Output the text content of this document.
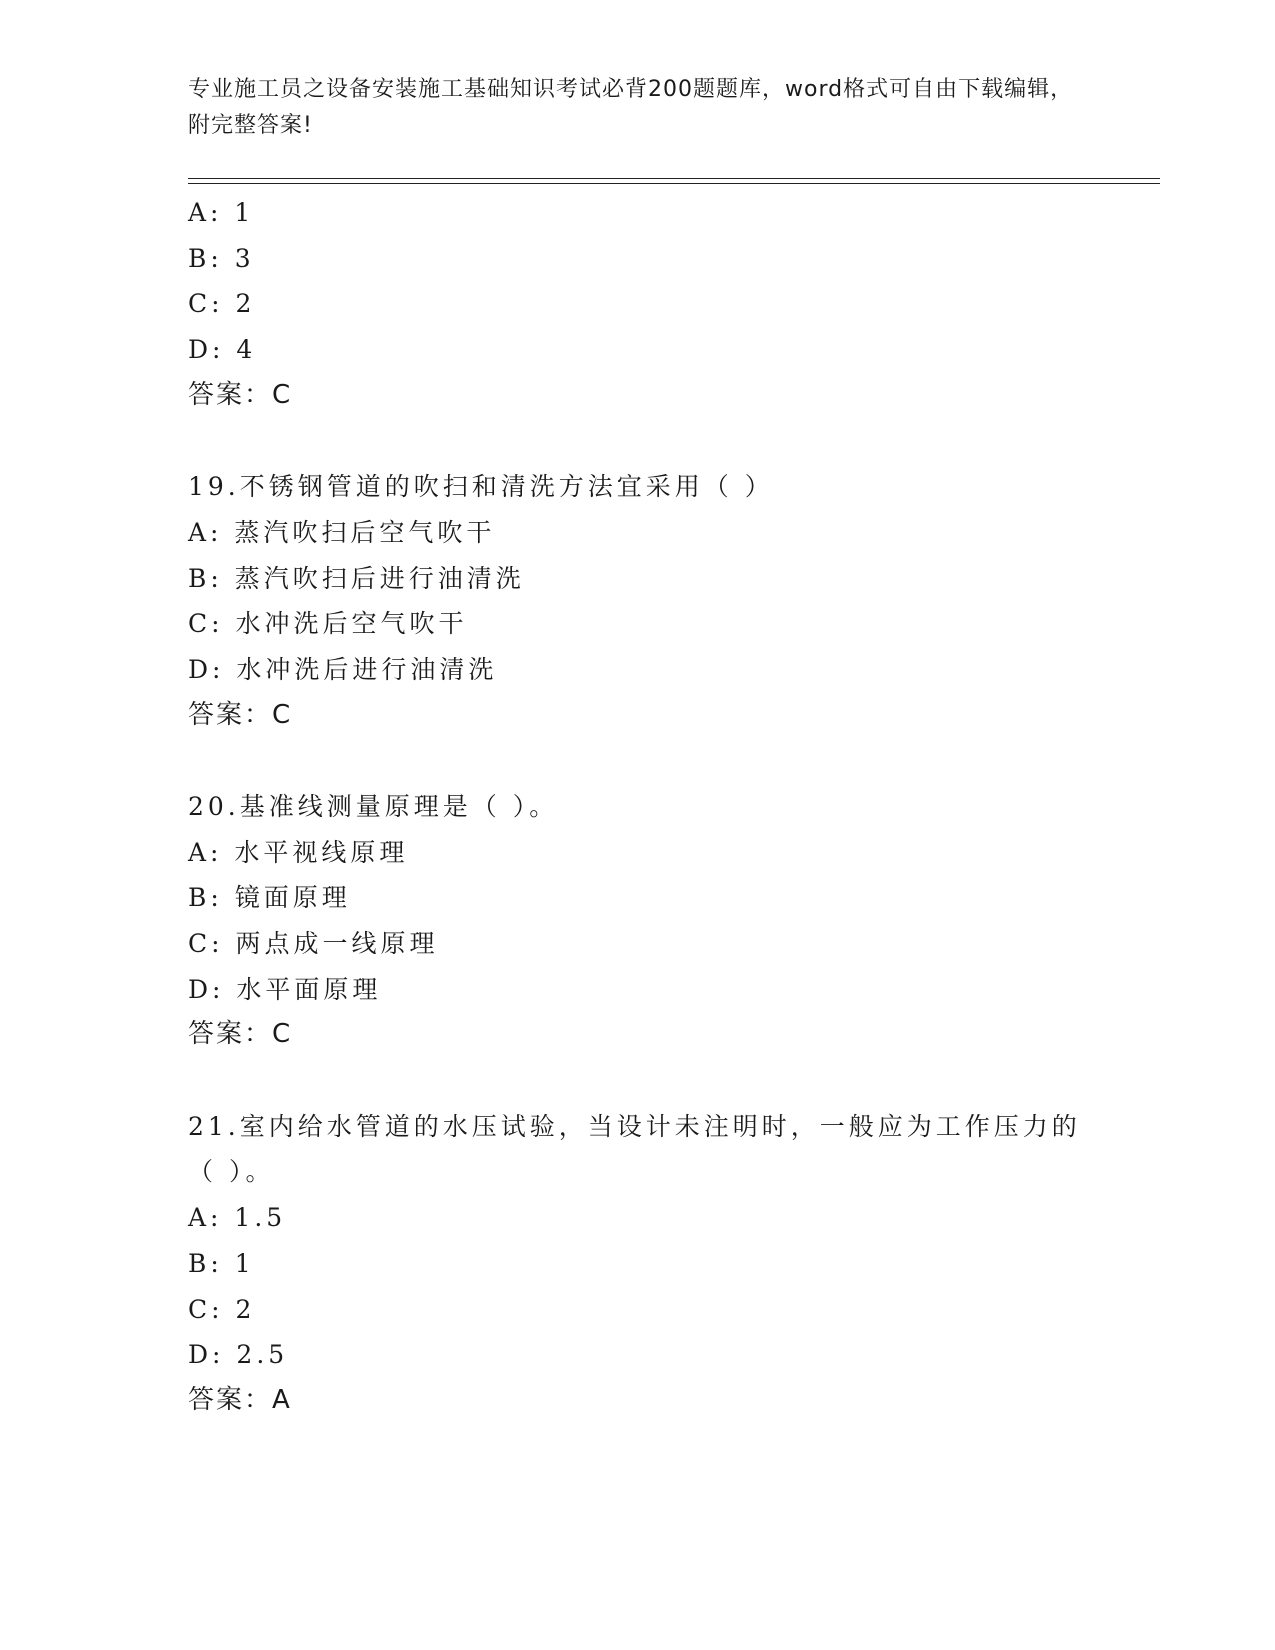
专业施工员之设备安装施工基础知识考试必背200题题库，word格式可自由下载编辑，附完整答案!
A: 1
B: 3
C: 2
D: 4
答案：C
19.不锈钢管道的吹扫和清洗方法宜采用（ ）
A: 蒸汽吹扫后空气吹干
B: 蒸汽吹扫后进行油清洗
C: 水冲洗后空气吹干
D: 水冲洗后进行油清洗
答案：C
20.基准线测量原理是（ ）。
A: 水平视线原理
B: 镜面原理
C: 两点成一线原理
D: 水平面原理
答案：C
21.室内给水管道的水压试验，当设计未注明时，一般应为工作压力的（ ）。
A: 1.5
B: 1
C: 2
D: 2.5
答案：A
